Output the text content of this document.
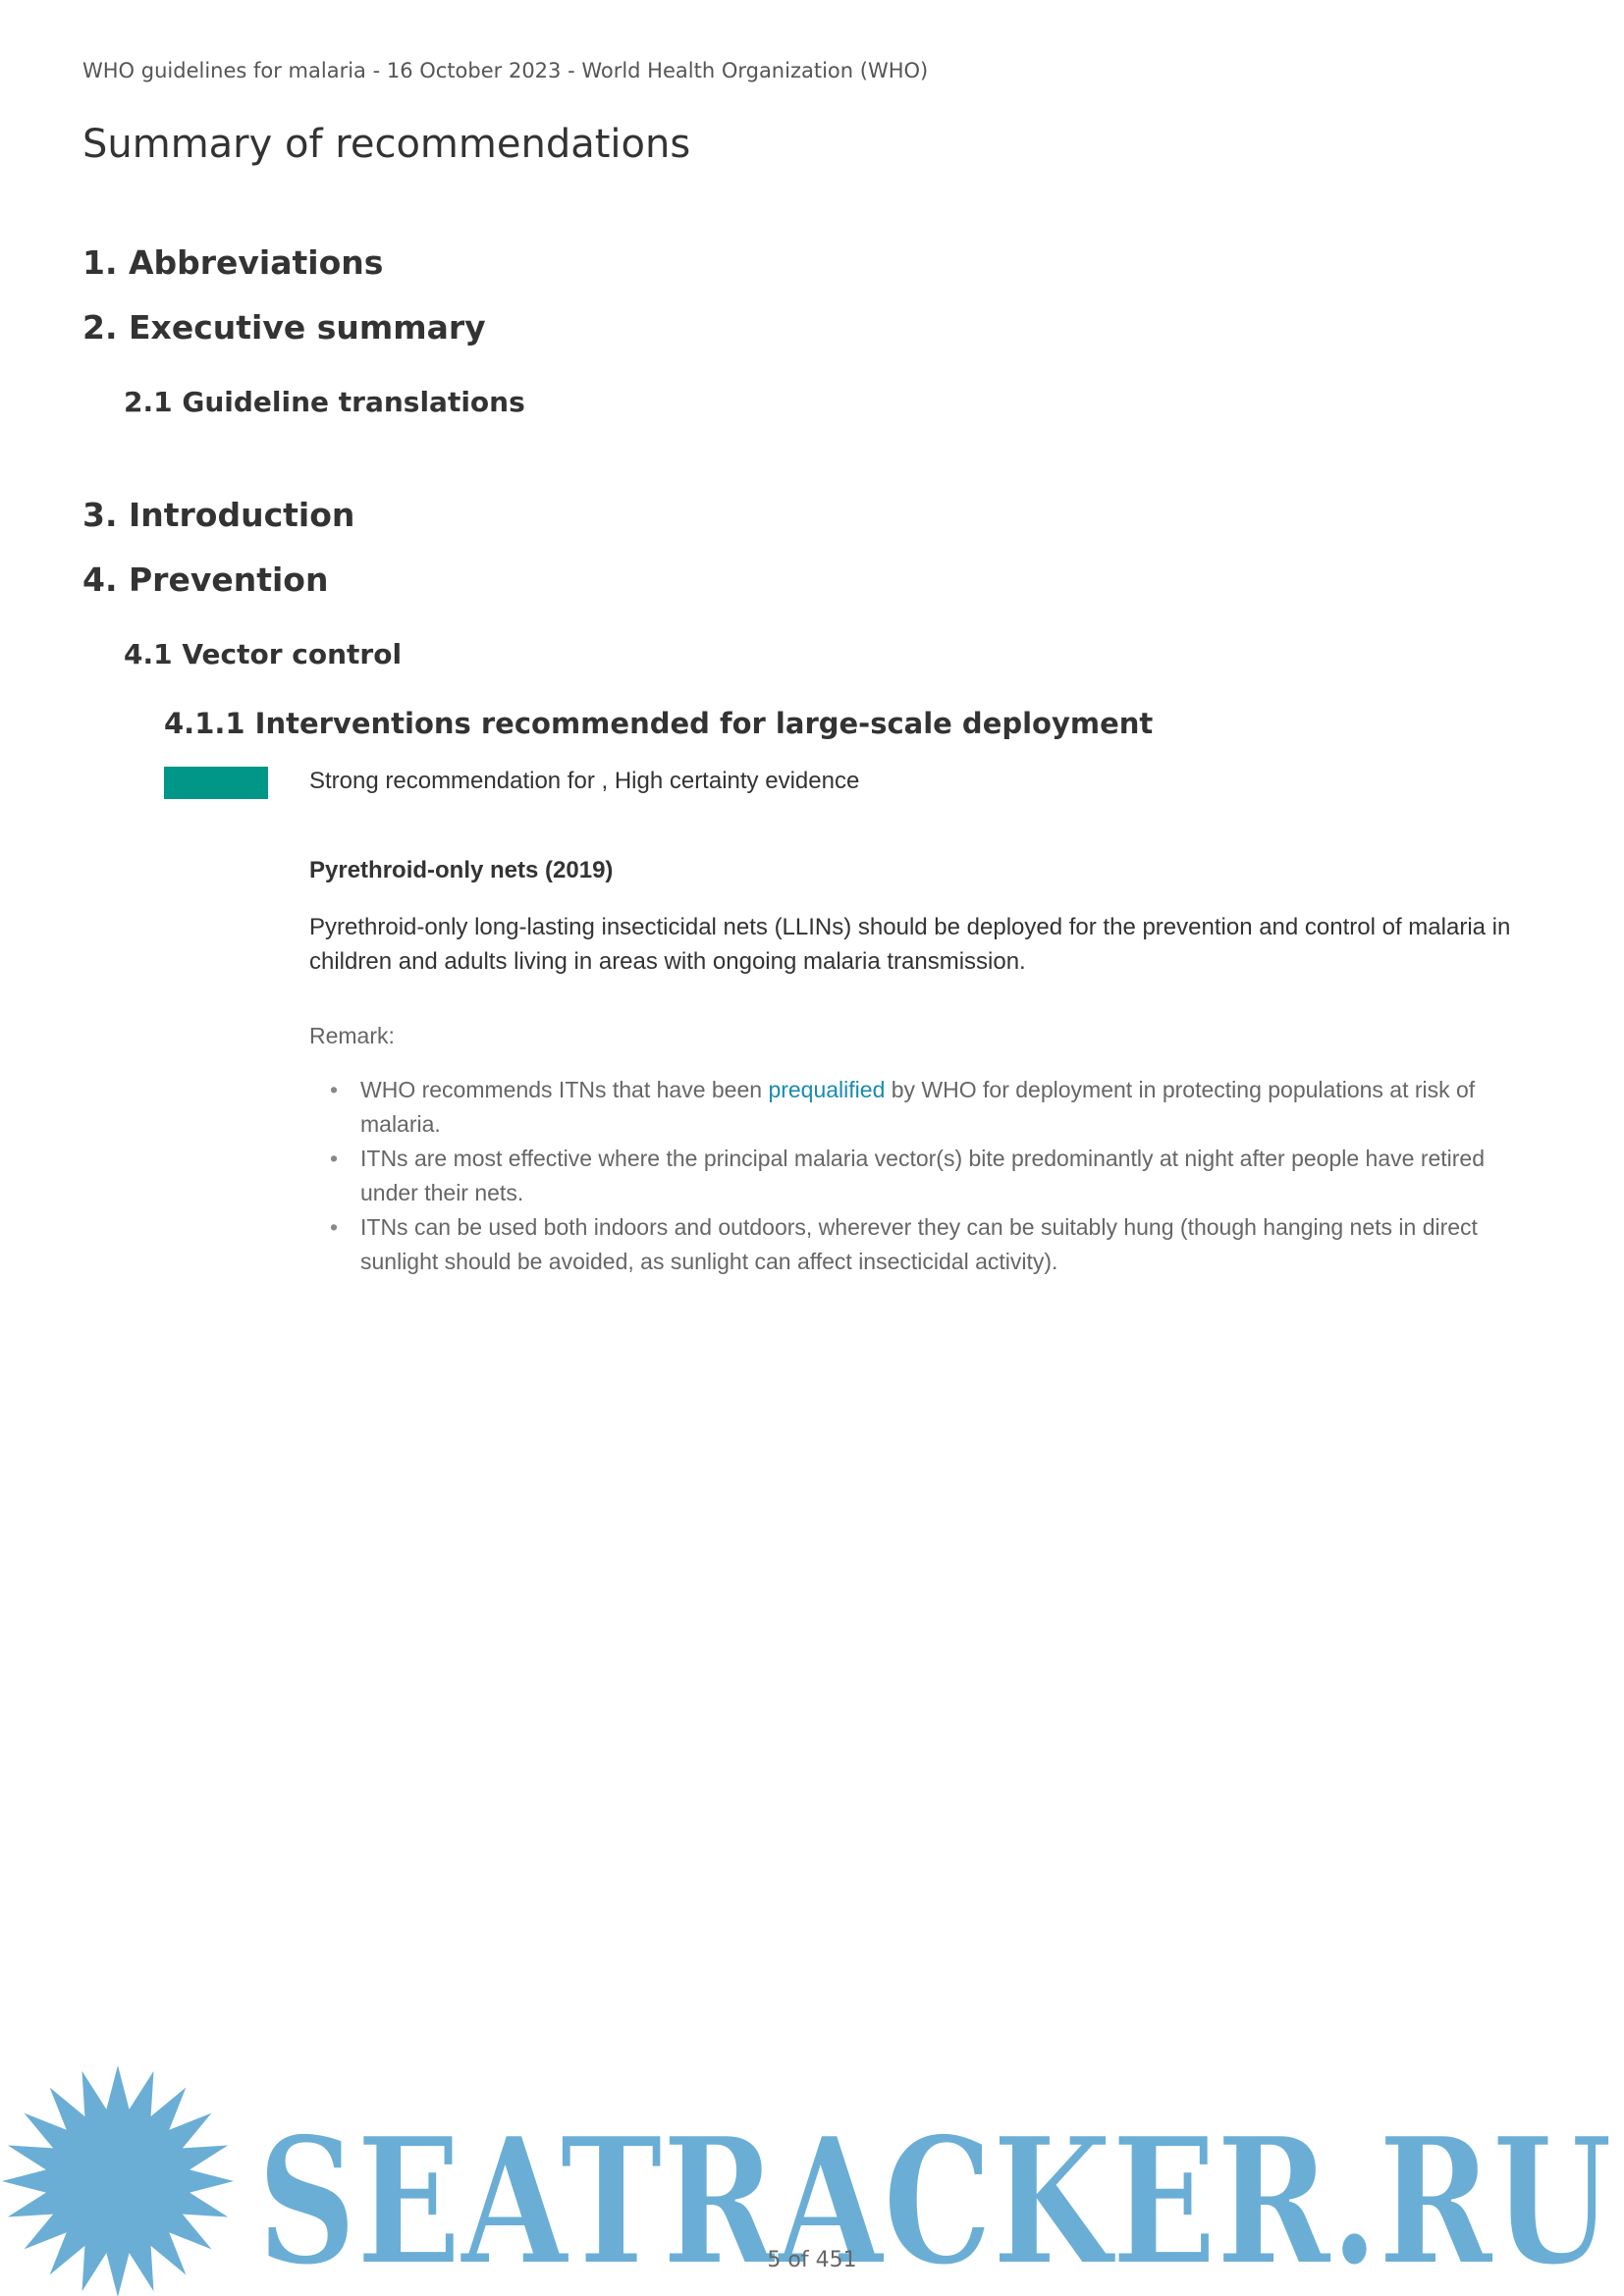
WHO guidelines for malaria - 16 October 2023 - World Health Organization (WHO)
Summary of recommendations
1. Abbreviations
2. Executive summary
2.1 Guideline translations
3. Introduction
4. Prevention
4.1 Vector control
4.1.1 Interventions recommended for large-scale deployment
Strong recommendation for , High certainty evidence
Pyrethroid-only nets (2019)
Pyrethroid-only long-lasting insecticidal nets (LLINs) should be deployed for the prevention and control of malaria in children and adults living in areas with ongoing malaria transmission.
Remark:
• WHO recommends ITNs that have been prequalified by WHO for deployment in protecting populations at risk of malaria.
• ITNs are most effective where the principal malaria vector(s) bite predominantly at night after people have retired under their nets.
• ITNs can be used both indoors and outdoors, wherever they can be suitably hung (though hanging nets in direct sunlight should be avoided, as sunlight can affect insecticidal activity).
SEATRACKER.RU
5 of 451
